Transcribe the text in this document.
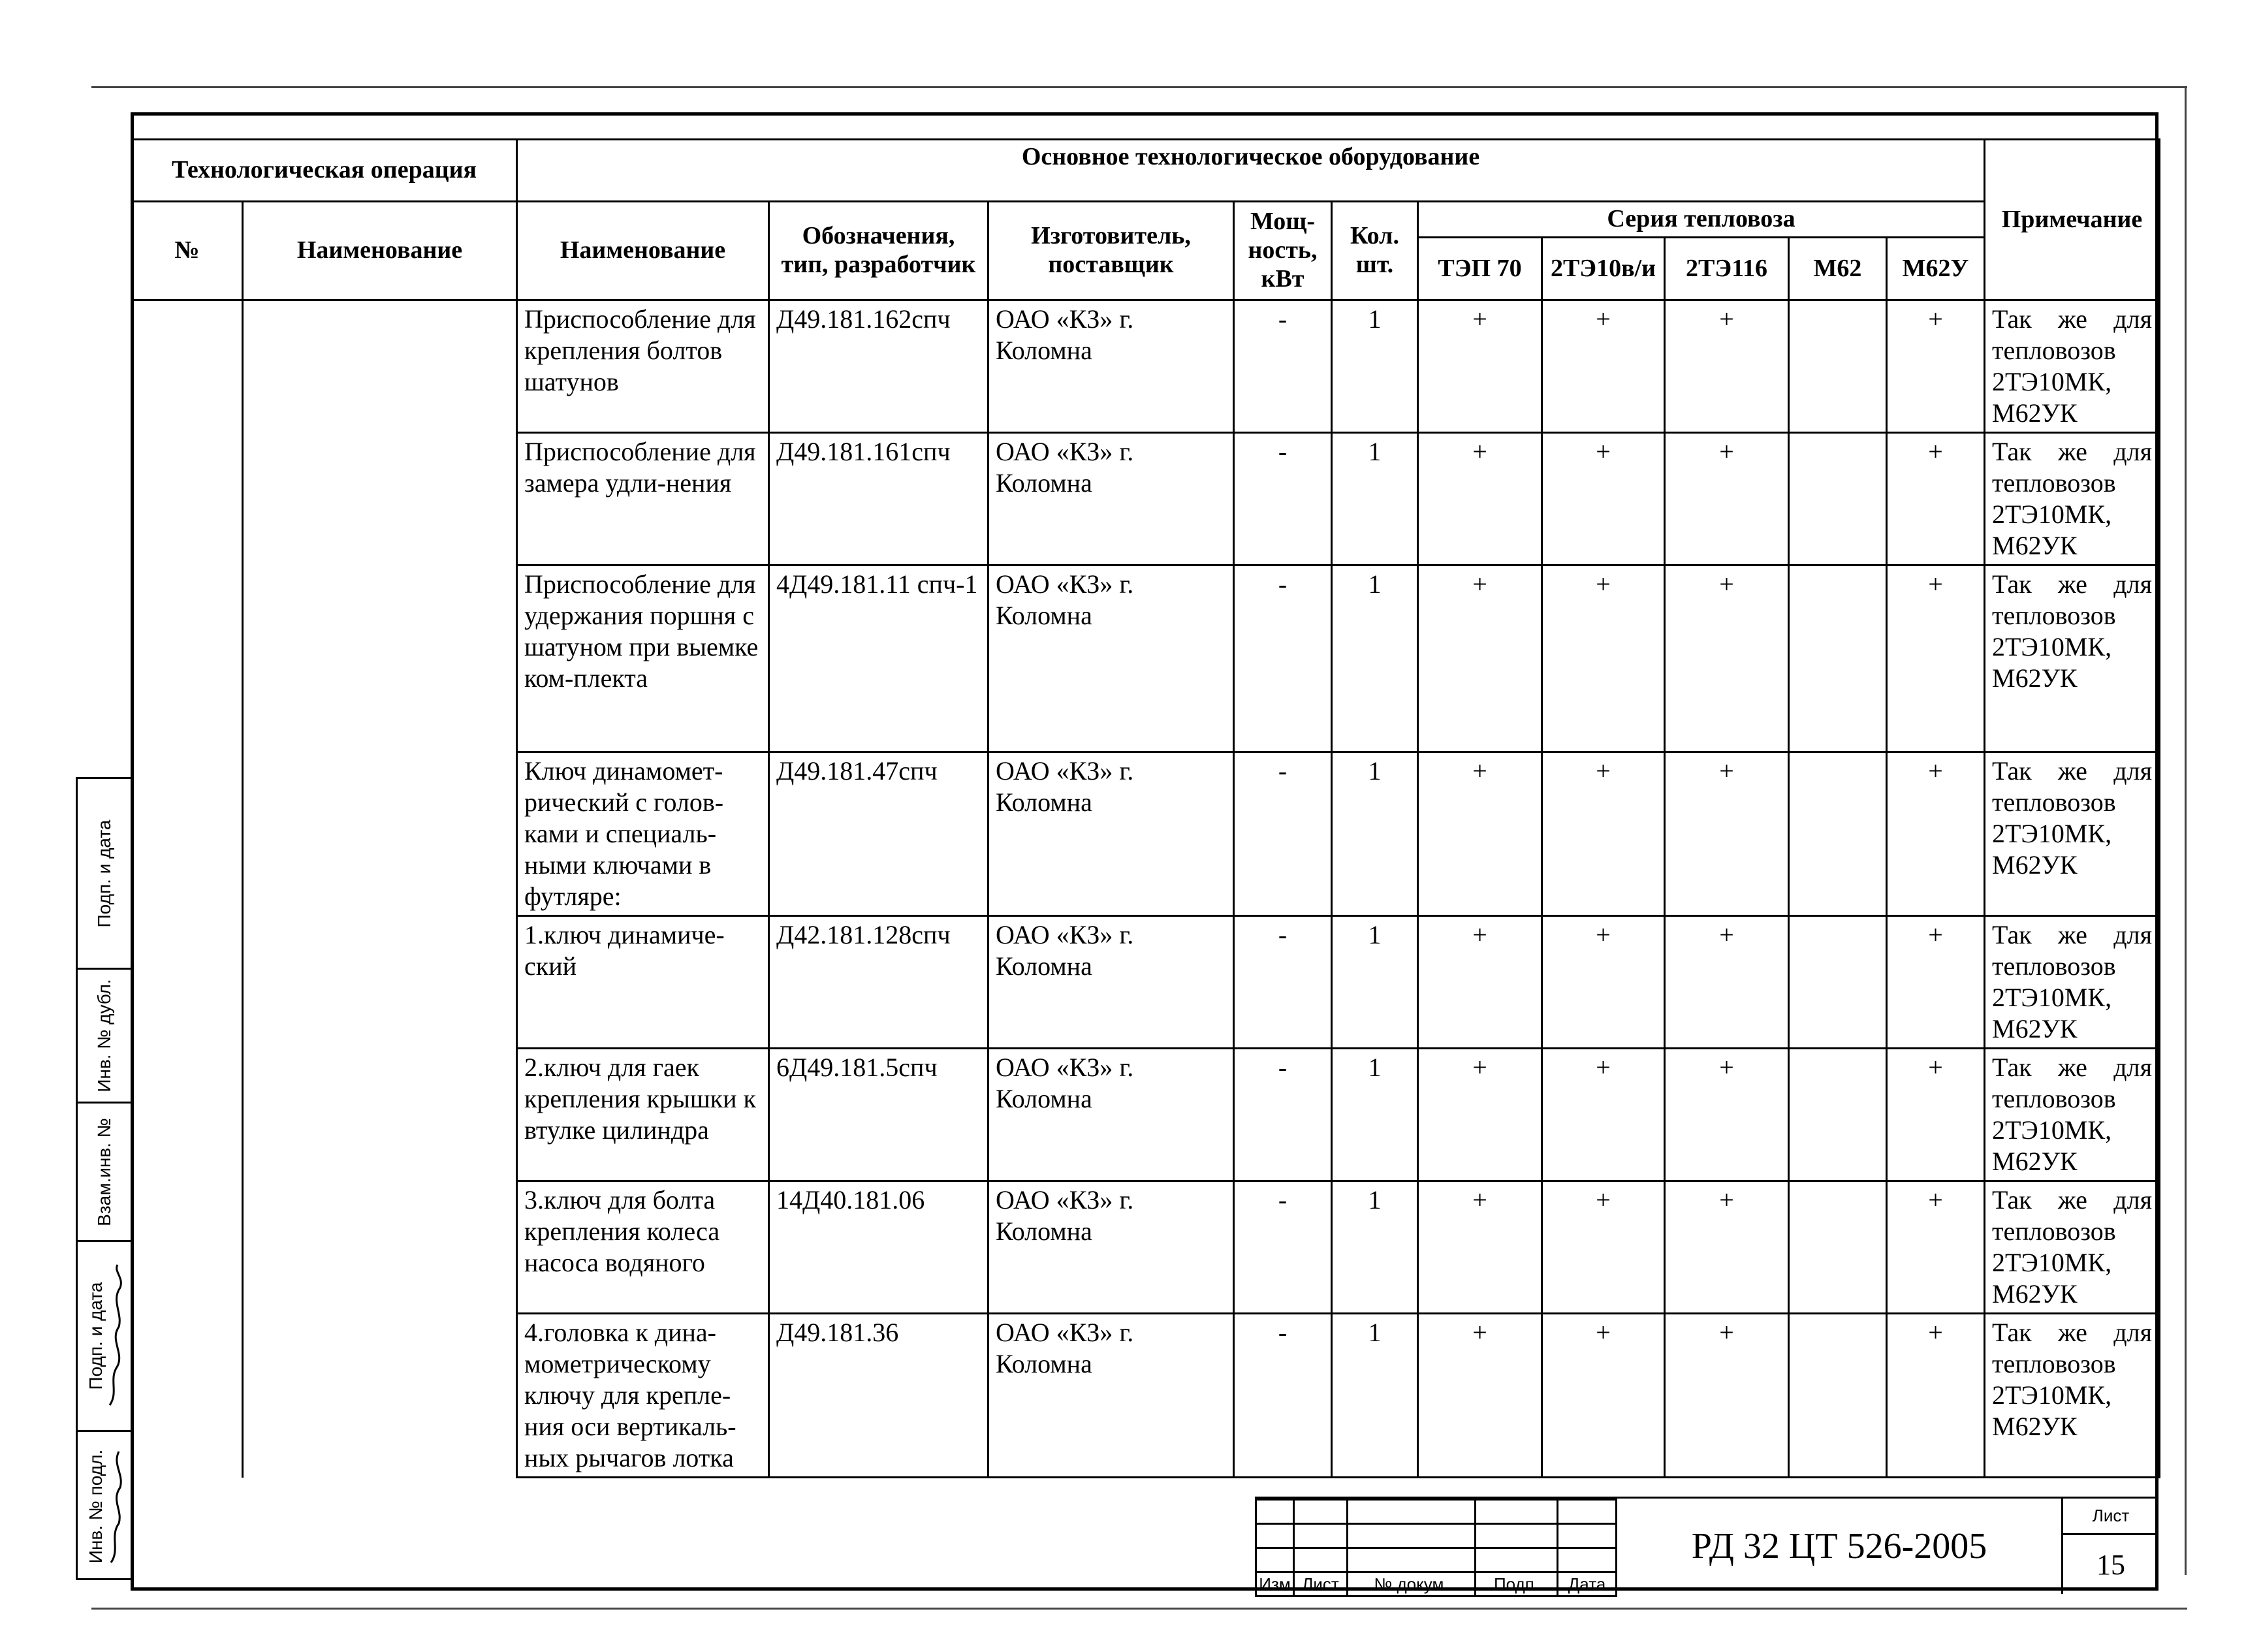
Технологическая операция		Основное технологическое оборудование										Примечание
№	Наименование	Наименование	Обозначения, тип, разработчик	Изготовитель, поставщик	Мощ-ность, кВт	Кол. шт.	Серия тепловоза					
							ТЭП 70	2ТЭ10в/и	2ТЭ116	М62	М62У	
		Приспособление для крепления болтов шатунов	Д49.181.162спч	ОАО «КЗ» г. Коломна	-	1	+	+	+		+	Так же для тепловозов 2ТЭ10МК, М62УК
		Приспособление для замера удли-нения	Д49.181.161спч	ОАО «КЗ» г. Коломна	-	1	+	+	+		+	Так же для тепловозов 2ТЭ10МК, М62УК
		Приспособление для удержания поршня с шатуном при выемке ком-плекта	4Д49.181.11 спч-1	ОАО «КЗ» г. Коломна	-	1	+	+	+		+	Так же для тепловозов 2ТЭ10МК, М62УК
		Ключ динамомет-рический с голов-ками и специаль-ными ключами в футляре:	Д49.181.47спч	ОАО «КЗ» г. Коломна	-	1	+	+	+		+	Так же для тепловозов 2ТЭ10МК, М62УК
		1.ключ динамиче-ский	Д42.181.128спч	ОАО «КЗ» г. Коломна	-	1	+	+	+		+	Так же для тепловозов 2ТЭ10МК, М62УК
		2.ключ для гаек крепления крышки к втулке цилиндра	6Д49.181.5спч	ОАО «КЗ» г. Коломна	-	1	+	+	+		+	Так же для тепловозов 2ТЭ10МК, М62УК
		3.ключ для болта крепления колеса насоса водяного	14Д40.181.06	ОАО «КЗ» г. Коломна	-	1	+	+	+		+	Так же для тепловозов 2ТЭ10МК, М62УК
		4.головка к дина-мометрическому ключу для крепле-ния оси вертикаль-ных рычагов лотка	Д49.181.36	ОАО «КЗ» г. Коломна	-	1	+	+	+		+	Так же для тепловозов 2ТЭ10МК, М62УК
Подп. и дата
Инв. № дубл.
Взам.инв. №
Подп. и дата
Инв. № подл.

Изм	Лист	№ докум.	Подп.	Дата
РД 32 ЦТ 526-2005
Лист
15
